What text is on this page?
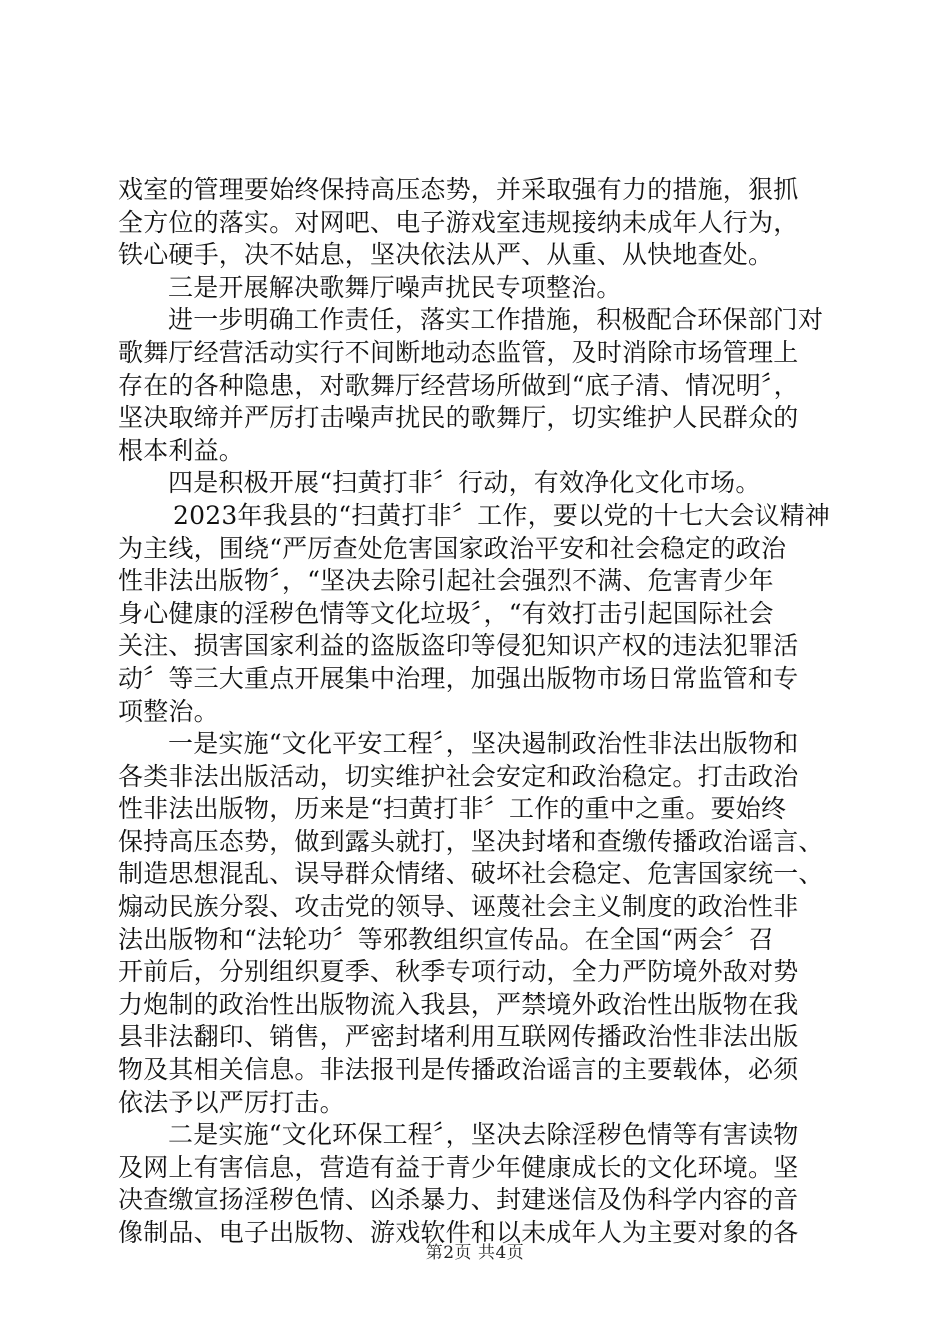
戏室的管理要始终保持高压态势，并采取强有力的措施，狠抓
全方位的落实。对网吧、电子游戏室违规接纳未成年人行为，
铁心硬手，决不姑息，坚决依法从严、从重、从快地查处。
三是开展解决歌舞厅噪声扰民专项整治。
进一步明确工作责任，落实工作措施，积极配合环保部门对
歌舞厅经营活动实行不间断地动态监管，及时消除市场管理上
存在的各种隐患，对歌舞厅经营场所做到“底子清、情况明〞，
坚决取缔并严厉打击噪声扰民的歌舞厅，切实维护人民群众的
根本利益。
四是积极开展“扫黄打非〞行动，有效净化文化市场。
2023年我县的“扫黄打非〞工作，要以党的十七大会议精神
为主线，围绕“严厉查处危害国家政治平安和社会稳定的政治
性非法出版物〞，“坚决去除引起社会强烈不满、危害青少年
身心健康的淫秽色情等文化垃圾〞，“有效打击引起国际社会
关注、损害国家利益的盗版盗印等侵犯知识产权的违法犯罪活
动〞等三大重点开展集中治理，加强出版物市场日常监管和专
项整治。
一是实施“文化平安工程〞，坚决遏制政治性非法出版物和
各类非法出版活动，切实维护社会安定和政治稳定。打击政治
性非法出版物，历来是“扫黄打非〞工作的重中之重。要始终
保持高压态势，做到露头就打，坚决封堵和查缴传播政治谣言、
制造思想混乱、误导群众情绪、破坏社会稳定、危害国家统一、
煽动民族分裂、攻击党的领导、诬蔑社会主义制度的政治性非
法出版物和“法轮功〞等邪教组织宣传品。在全国“两会〞召
开前后，分别组织夏季、秋季专项行动，全力严防境外敌对势
力炮制的政治性出版物流入我县，严禁境外政治性出版物在我
县非法翻印、销售，严密封堵利用互联网传播政治性非法出版
物及其相关信息。非法报刊是传播政治谣言的主要载体，必须
依法予以严厉打击。
二是实施“文化环保工程〞，坚决去除淫秽色情等有害读物
及网上有害信息，营造有益于青少年健康成长的文化环境。坚
决查缴宣扬淫秽色情、凶杀暴力、封建迷信及伪科学内容的音
像制品、电子出版物、游戏软件和以未成年人为主要对象的各
第2页 共4页
